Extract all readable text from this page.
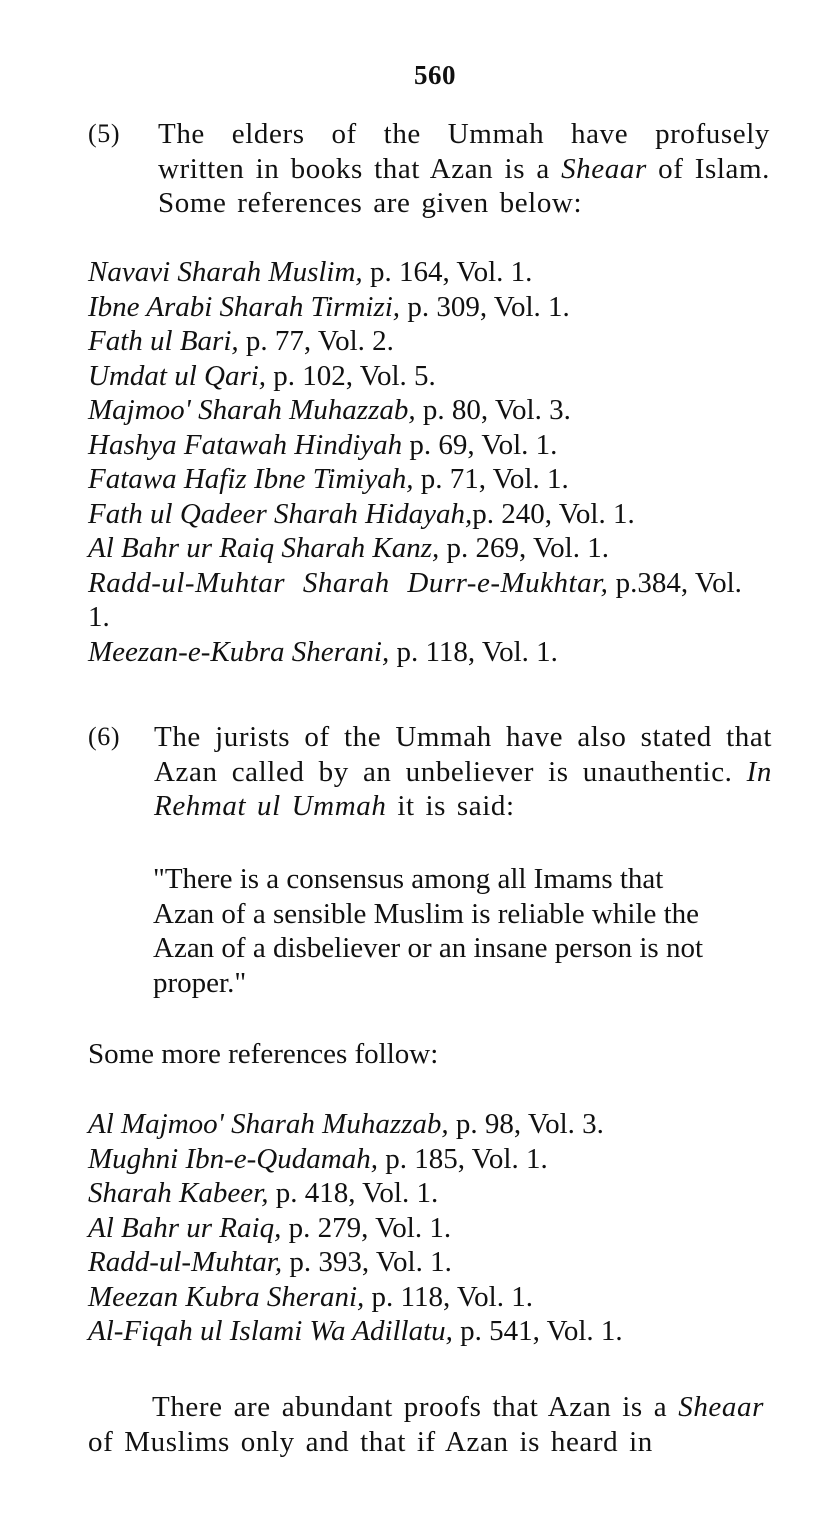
560
(5) The elders of the Ummah have profusely written in books that Azan is a Sheaar of Islam. Some references are given below:
Navavi Sharah Muslim, p. 164, Vol. 1.
Ibne Arabi Sharah Tirmizi, p. 309, Vol. 1.
Fath ul Bari, p. 77, Vol. 2.
Umdat ul Qari, p. 102, Vol. 5.
Majmoo' Sharah Muhazzab, p. 80, Vol. 3.
Hashya Fatawah Hindiyah p. 69, Vol. 1.
Fatawa Hafiz Ibne Timiyah, p. 71, Vol. 1.
Fath ul Qadeer Sharah Hidayah,p. 240, Vol. 1.
Al Bahr ur Raiq Sharah Kanz, p. 269, Vol. 1.
Radd-ul-Muhtar Sharah Durr-e-Mukhtar, p.384, Vol. 1.
Meezan-e-Kubra Sherani, p. 118, Vol. 1.
(6) The jurists of the Ummah have also stated that Azan called by an unbeliever is unauthentic. In Rehmat ul Ummah it is said:
"There is a consensus among all Imams that Azan of a sensible Muslim is reliable while the Azan of a disbeliever or an insane person is not proper."
Some more references follow:
Al Majmoo' Sharah Muhazzab, p. 98, Vol. 3.
Mughni Ibn-e-Qudamah, p. 185, Vol. 1.
Sharah Kabeer, p. 418, Vol. 1.
Al Bahr ur Raiq, p. 279, Vol. 1.
Radd-ul-Muhtar, p. 393, Vol. 1.
Meezan Kubra Sherani, p. 118, Vol. 1.
Al-Fiqah ul Islami Wa Adillatu, p. 541, Vol. 1.
There are abundant proofs that Azan is a Sheaar of Muslims only and that if Azan is heard in
